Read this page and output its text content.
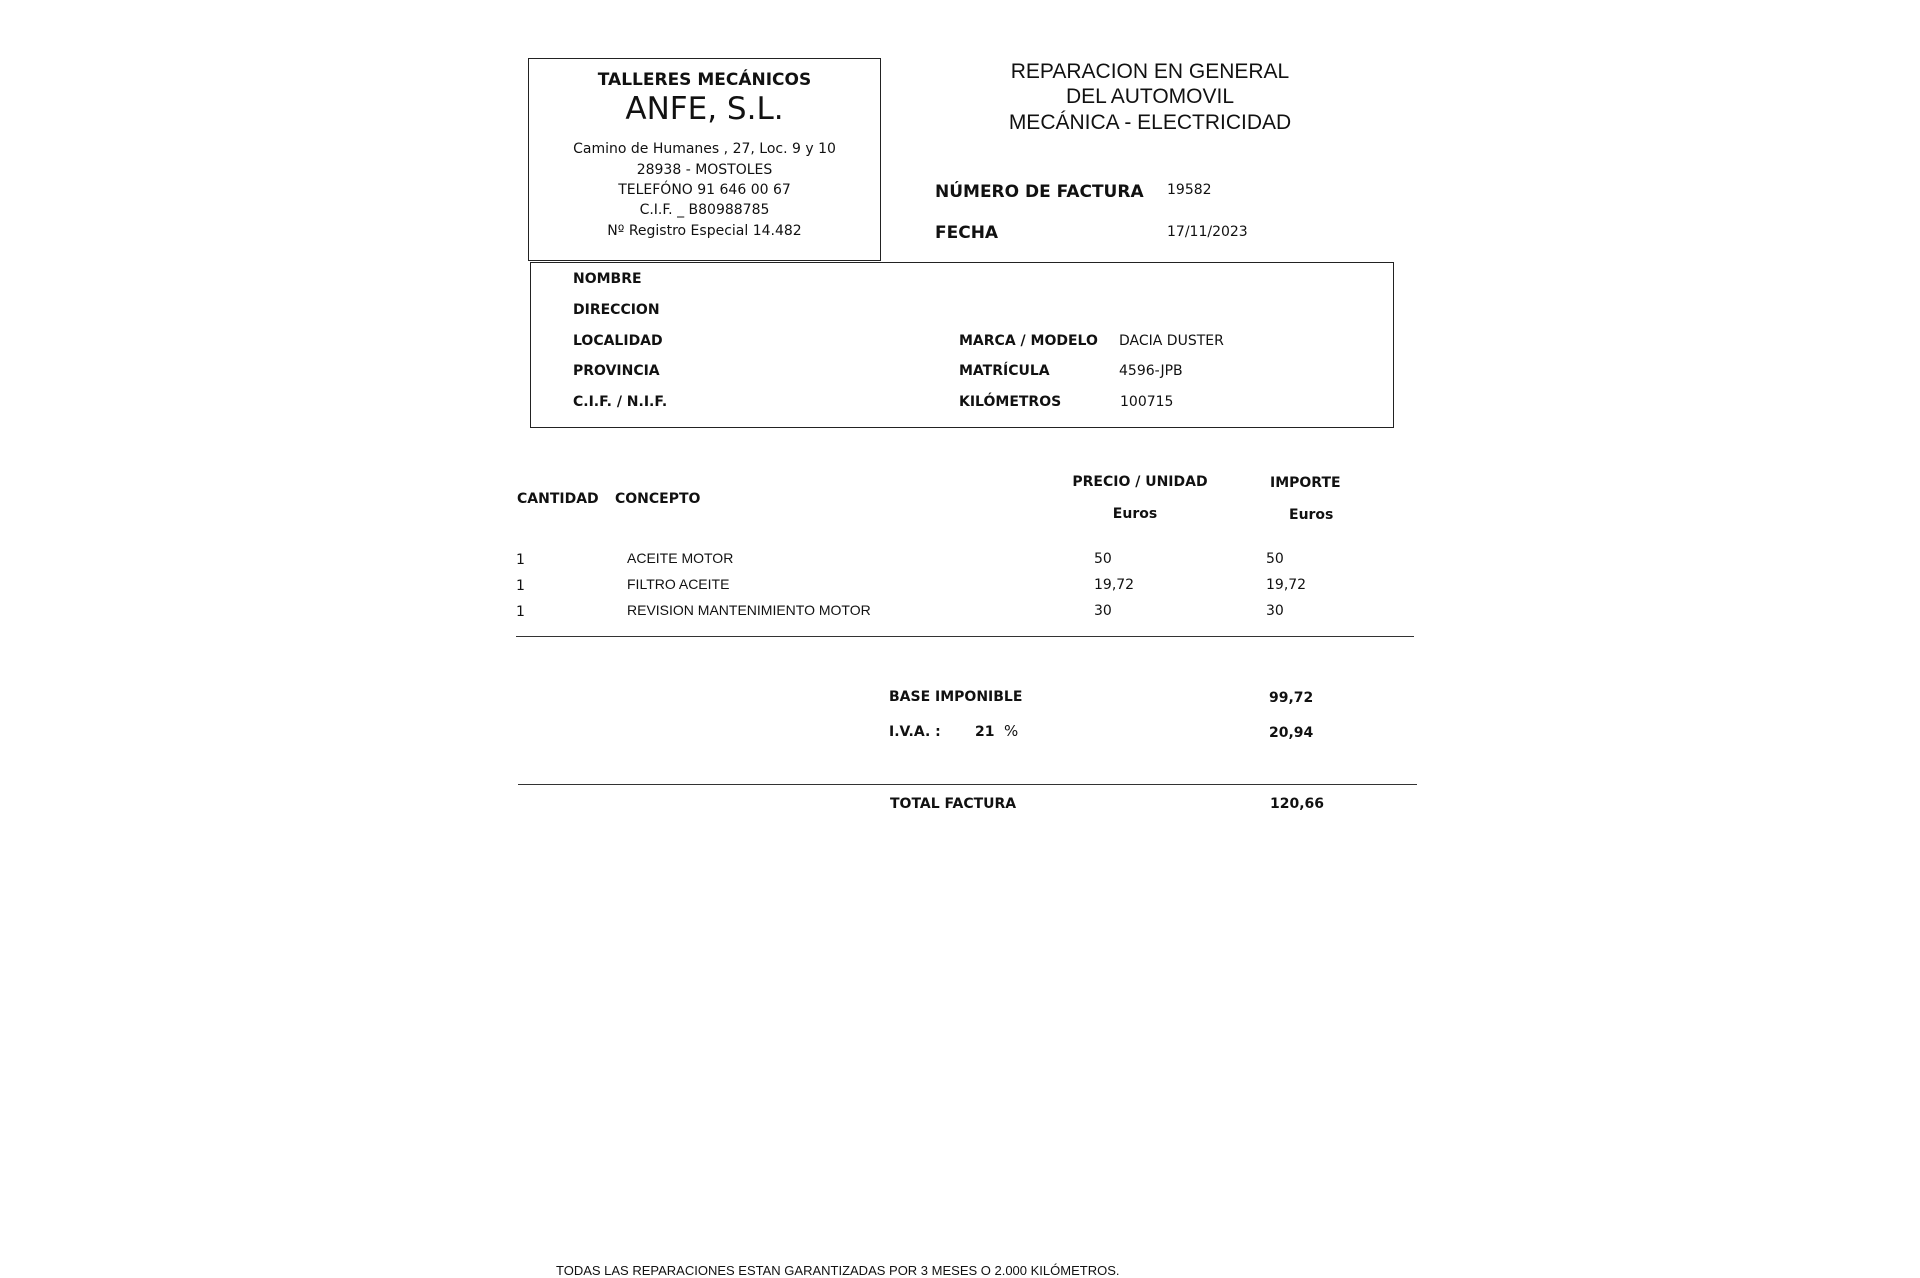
TALLERES MECÁNICOS
ANFE, S.L.
Camino de Humanes , 27, Loc. 9 y 10
28938 - MOSTOLES
TELEFÓNO 91 646 00 67
C.I.F. _ B80988785
Nº Registro Especial 14.482
REPARACION EN GENERAL
DEL AUTOMOVIL
MECÁNICA - ELECTRICIDAD
NÚMERO DE FACTURA 19582
FECHA	17/11/2023
NOMBRE
DIRECCION
LOCALIDAD
PROVINCIA
C.I.F. / N.I.F.
MARCA / MODELO DACIA DUSTER
MATRÍCULA	4596-JPB
KILÓMETROS	100715
CANTIDAD CONCEPTO
PRECIO / UNIDAD
Euros
IMPORTE
Euros
1	ACEITE MOTOR	50	50
1	FILTRO ACEITE	19,72	19,72
1	REVISION MANTENIMIENTO MOTOR	30	30
BASE IMPONIBLE	99,72
I.V.A. : 21 %	20,94
TOTAL FACTURA	120,66
TODAS LAS REPARACIONES ESTAN GARANTIZADAS POR 3 MESES O 2.000 KILÓMETROS.
